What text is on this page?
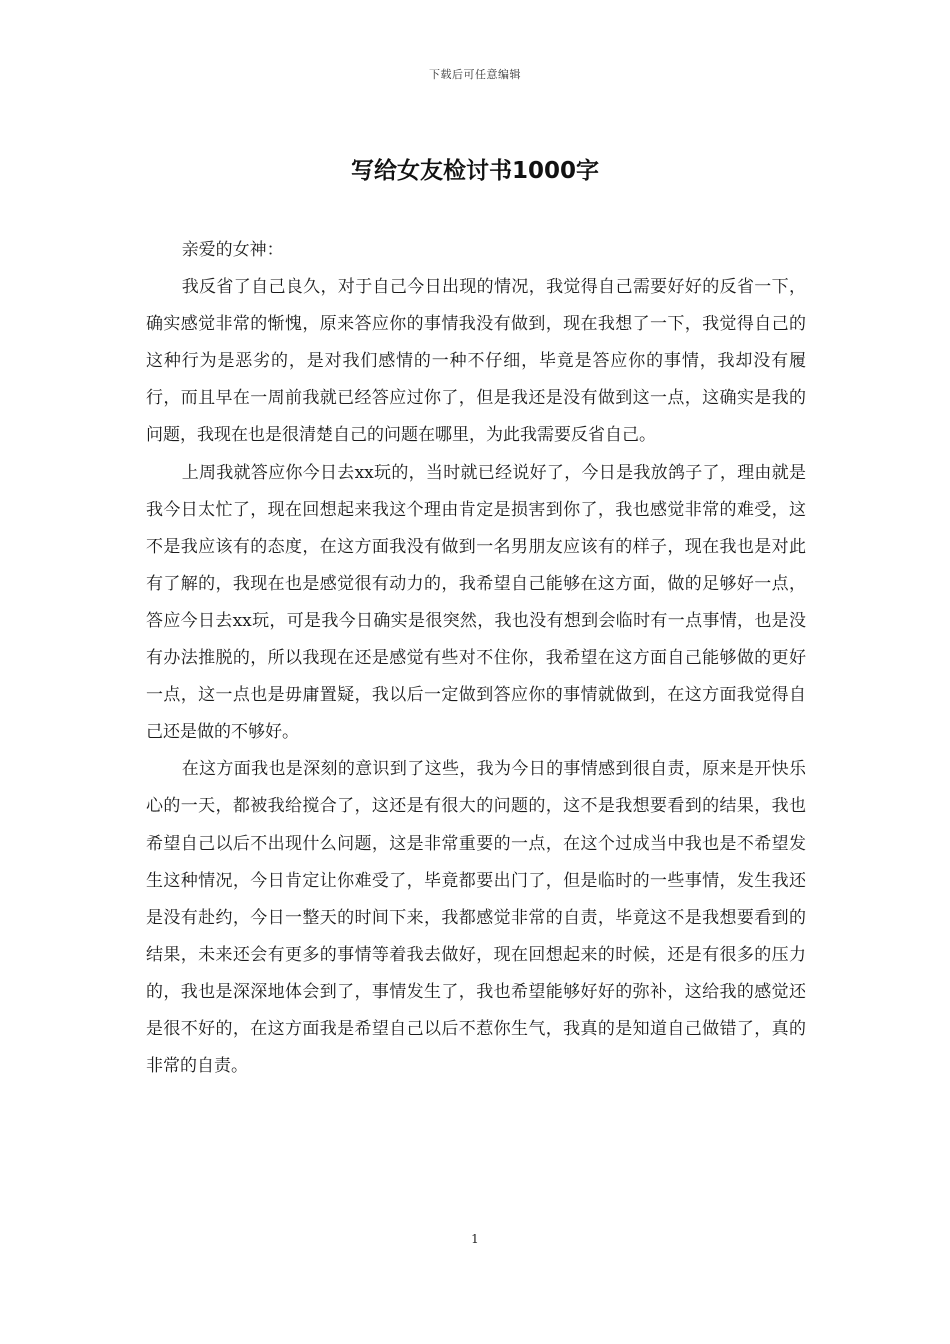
下载后可任意编辑
写给女友检讨书1000字

亲爱的女神：

我反省了自己良久，对于自己今日出现的情况，我觉得自己需要好好的反省一下，确实感觉非常的惭愧，原来答应你的事情我没有做到，现在我想了一下，我觉得自己的这种行为是恶劣的，是对我们感情的一种不仔细，毕竟是答应你的事情，我却没有履行，而且早在一周前我就已经答应过你了，但是我还是没有做到这一点，这确实是我的问题，我现在也是很清楚自己的问题在哪里，为此我需要反省自己。

上周我就答应你今日去xx玩的，当时就已经说好了，今日是我放鸽子了，理由就是我今日太忙了，现在回想起来我这个理由肯定是损害到你了，我也感觉非常的难受，这不是我应该有的态度，在这方面我没有做到一名男朋友应该有的样子，现在我也是对此有了解的，我现在也是感觉很有动力的，我希望自己能够在这方面，做的足够好一点，答应今日去xx玩，可是我今日确实是很突然，我也没有想到会临时有一点事情，也是没有办法推脱的，所以我现在还是感觉有些对不住你，我希望在这方面自己能够做的更好一点，这一点也是毋庸置疑，我以后一定做到答应你的事情就做到，在这方面我觉得自己还是做的不够好。

在这方面我也是深刻的意识到了这些，我为今日的事情感到很自责，原来是开快乐心的一天，都被我给搅合了，这还是有很大的问题的，这不是我想要看到的结果，我也希望自己以后不出现什么问题，这是非常重要的一点，在这个过成当中我也是不希望发生这种情况，今日肯定让你难受了，毕竟都要出门了，但是临时的一些事情，发生我还是没有赴约，今日一整天的时间下来，我都感觉非常的自责，毕竟这不是我想要看到的结果，未来还会有更多的事情等着我去做好，现在回想起来的时候，还是有很多的压力的，我也是深深地体会到了，事情发生了，我也希望能够好好的弥补，这给我的感觉还是很不好的，在这方面我是希望自己以后不惹你生气，我真的是知道自己做错了，真的非常的自责。

1
